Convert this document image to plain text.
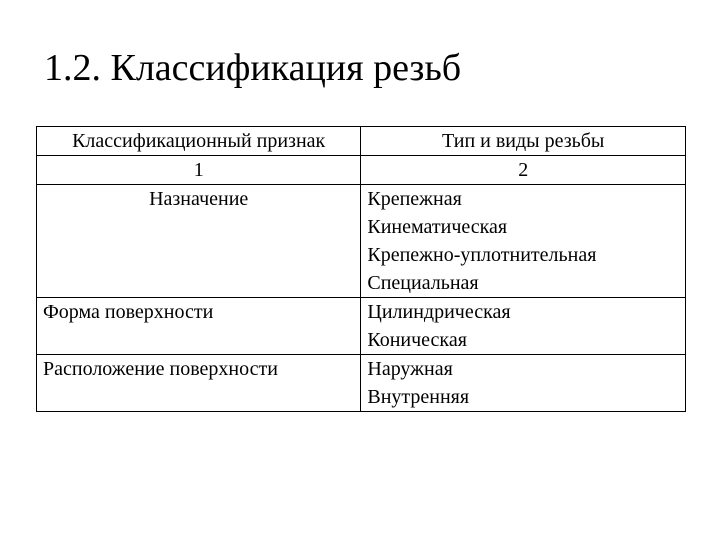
1.2. Классификация резьб
Классификационный признак	Тип и виды резьбы
1	2
Назначение	Крепежная
Кинематическая
Крепежно-уплотнительная
Специальная

Форма поверхности	Цилиндрическая
Коническая

Расположение поверхности	Наружная
Внутренняя
